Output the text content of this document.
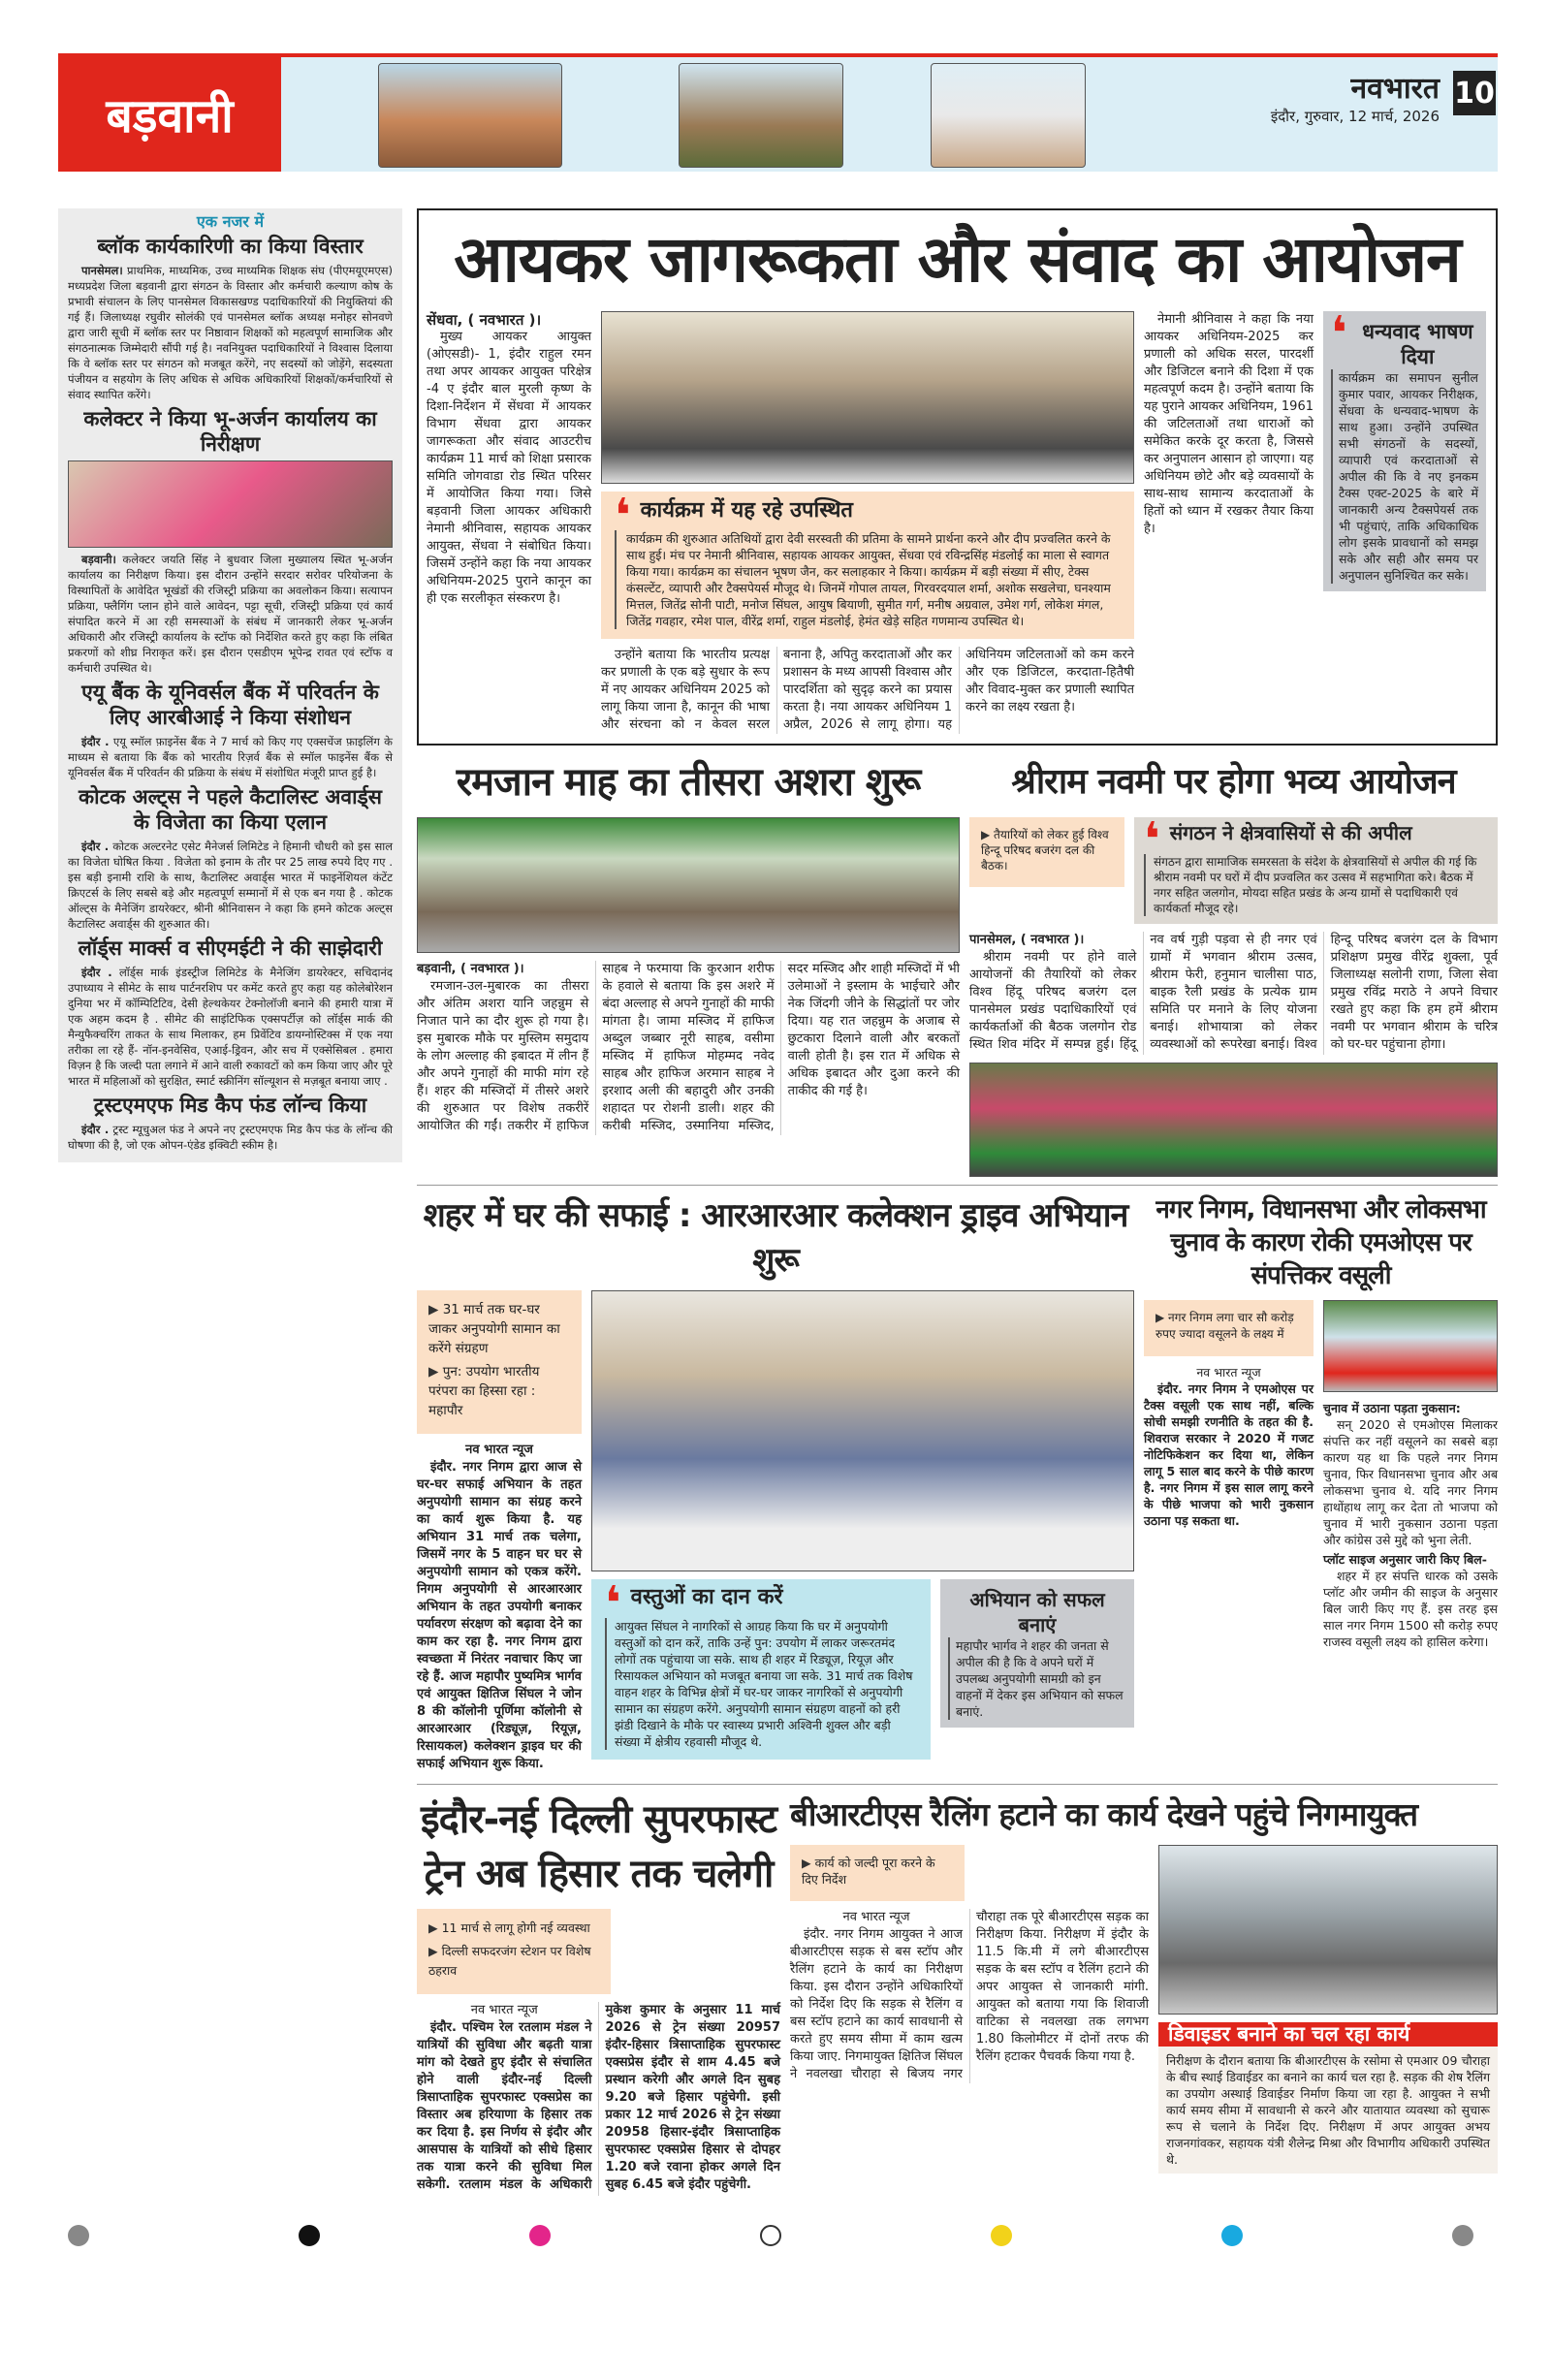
बड़वानी	नवभारत
इंदौर, गुरुवार, 12 मार्च, 2026
10
एक नजर में
ब्लॉक कार्यकारिणी का किया विस्तार

पानसेमल। प्राथमिक, माध्यमिक, उच्च माध्यमिक शिक्षक संघ (पीएमयूएमएस) मध्यप्रदेश जिला बड़वानी द्वारा संगठन के विस्तार और कर्मचारी कल्याण कोष के प्रभावी संचालन के लिए पानसेमल विकासखण्ड पदाधिकारियों की नियुक्तियां की गई हैं। जिलाध्यक्ष रघुवीर सोलंकी एवं पानसेमल ब्लॉक अध्यक्ष मनोहर सोनवणे द्वारा जारी सूची में ब्लॉक स्तर पर निष्ठावान शिक्षकों को महत्वपूर्ण सामाजिक और संगठनात्मक जिम्मेदारी सौंपी गई है। नवनियुक्त पदाधिकारियों ने विश्वास दिलाया कि वे ब्लॉक स्तर पर संगठन को मजबूत करेंगे, नए सदस्यों को जोड़ेंगे, सदस्यता पंजीयन व सहयोग के लिए अधिक से अधिक अधिकारियों शिक्षकों/कर्मचारियों से संवाद स्थापित करेंगे।

कलेक्टर ने किया भू-अर्जन कार्यालय का निरीक्षण

बड़वानी। कलेक्टर जयति सिंह ने बुधवार जिला मुख्यालय स्थित भू-अर्जन कार्यालय का निरीक्षण किया। इस दौरान उन्होंने सरदार सरोवर परियोजना के विस्थापितों के आवेदित भूखंडों की रजिस्ट्री प्रक्रिया का अवलोकन किया। सत्यापन प्रक्रिया, फ्लैगिंग प्लान होने वाले आवेदन, पट्टा सूची, रजिस्ट्री प्रक्रिया एवं कार्य संपादित करने में आ रही समस्याओं के संबंध में जानकारी लेकर भू-अर्जन अधिकारी और रजिस्ट्री कार्यालय के स्टॉफ को निर्देशित करते हुए कहा कि लंबित प्रकरणों को शीघ्र निराकृत करें। इस दौरान एसडीएम भूपेन्द्र रावत एवं स्टॉफ व कर्मचारी उपस्थित थे।

एयू बैंक के यूनिवर्सल बैंक में परिवर्तन के लिए आरबीआई ने किया संशोधन

इंदौर . एयू स्मॉल फ़ाइनेंस बैंक ने 7 मार्च को किए गए एक्सचेंज फ़ाइलिंग के माध्यम से बताया कि बैंक को भारतीय रिज़र्व बैंक से स्मॉल फाइनेंस बैंक से यूनिवर्सल बैंक में परिवर्तन की प्रक्रिया के संबंध में संशोधित मंजूरी प्राप्त हुई है।

कोटक अल्ट्स ने पहले कैटालिस्ट अवार्ड्स के विजेता का किया एलान

इंदौर . कोटक अल्टरनेट एसेट मैनेजर्स लिमिटेड ने हिमानी चौधरी को इस साल का विजेता घोषित किया . विजेता को इनाम के तौर पर 25 लाख रुपये दिए गए . इस बड़ी इनामी राशि के साथ, कैटालिस्ट अवार्ड्स भारत में फाइनेंशियल कंटेंट क्रिएटर्स के लिए सबसे बड़े और महत्वपूर्ण सम्मानों में से एक बन गया है . कोटक ऑल्ट्स के मैनेजिंग डायरेक्टर, श्रीनी श्रीनिवासन ने कहा कि हमने कोटक अल्ट्स कैटालिस्ट अवार्ड्स की शुरुआत की।

लॉर्ड्स मार्क्स व सीएमईटी ने की साझेदारी

इंदौर . लॉर्ड्स मार्क इंडस्ट्रीज लिमिटेड के मैनेजिंग डायरेक्टर, सचिदानंद उपाध्याय ने सीमेट के साथ पार्टनरशिप पर कमेंट करते हुए कहा यह कोलेबोरेशन दुनिया भर में कॉम्पिटिटिव, देसी हेल्थकेयर टेक्नोलॉजी बनाने की हमारी यात्रा में एक अहम कदम है . सीमेट की साइंटिफिक एक्सपर्टीज़ को लॉर्ड्स मार्क की मैन्युफैक्चरिंग ताकत के साथ मिलाकर, हम प्रिवेंटिव डायग्नोस्टिक्स में एक नया तरीका ला रहे हैं- नॉन-इनवेसिव, एआई-ड्रिवन, और सच में एक्सेसिबल . हमारा विज़न है कि जल्दी पता लगाने में आने वाली रुकावटों को कम किया जाए और पूरे भारत में महिलाओं को सुरक्षित, स्मार्ट स्क्रीनिंग सॉल्यूशन से मज़बूत बनाया जाए .

ट्रस्टएमएफ मिड कैप फंड लॉन्च किया

इंदौर . ट्रस्ट म्यूचुअल फंड ने अपने नए ट्रस्टएमएफ मिड कैप फंड के लॉन्च की घोषणा की है, जो एक ओपन-एंडेड इक्विटी स्कीम है।

आयकर जागरूकता और संवाद का आयोजन
सेंधवा, ( नवभारत )।

मुख्य आयकर आयुक्त (ओएसडी)- 1, इंदौर राहुल रमन तथा अपर आयकर आयुक्त परिक्षेत्र -4 ए इंदौर बाल मुरली कृष्ण के दिशा-निर्देशन में सेंधवा में आयकर विभाग सेंधवा द्वारा आयकर जागरूकता और संवाद आउटरीच कार्यक्रम 11 मार्च को शिक्षा प्रसारक समिति जोगवाडा रोड स्थित परिसर में आयोजित किया गया। जिसे बड़वानी जिला आयकर अधिकारी नेमानी श्रीनिवास, सहायक आयकर आयुक्त, सेंधवा ने संबोधित किया। जिसमें उन्होंने कहा कि नया आयकर अधिनियम-2025 पुराने कानून का ही एक सरलीकृत संस्करण है।

❛ कार्यक्रम में यह रहे उपस्थित
कार्यक्रम की शुरुआत अतिथियों द्वारा देवी सरस्वती की प्रतिमा के सामने प्रार्थना करने और दीप प्रज्वलित करने के साथ हुई। मंच पर नेमानी श्रीनिवास, सहायक आयकर आयुक्त, सेंधवा एवं रविन्द्रसिंह मंडलोई का माला से स्वागत किया गया। कार्यक्रम का संचालन भूषण जैन, कर सलाहकार ने किया। कार्यक्रम में बड़ी संख्या में सीए, टेक्स कंसल्टेंट, व्यापारी और टैक्सपेयर्स मौजूद थे। जिनमें गोपाल तायल, गिरवरदयाल शर्मा, अशोक सखलेचा, घनश्याम मित्तल, जितेंद्र सोनी पाटी, मनोज सिंघल, आयुष बियाणी, सुमीत गर्ग, मनीष अग्रवाल, उमेश गर्ग, लोकेश मंगल, जितेंद्र गवहार, रमेश पाल, वीरेंद्र शर्मा, राहुल मंडलोई, हेमंत खेड़े सहित गणमान्य उपस्थित थे।

उन्होंने बताया कि भारतीय प्रत्यक्ष कर प्रणाली के एक बड़े सुधार के रूप में नए आयकर अधिनियम 2025 को लागू किया जाना है, कानून की भाषा और संरचना को न केवल सरल बनाना है, अपितु करदाताओं और कर प्रशासन के मध्य आपसी विश्वास और पारदर्शिता को सुदृढ़ करने का प्रयास करता है। नया आयकर अधिनियम 1 अप्रैल, 2026 से लागू होगा। यह अधिनियम जटिलताओं को कम करने और एक डिजिटल, करदाता-हितैषी और विवाद-मुक्त कर प्रणाली स्थापित करने का लक्ष्य रखता है।

नेमानी श्रीनिवास ने कहा कि नया आयकर अधिनियम-2025 कर प्रणाली को अधिक सरल, पारदर्शी और डिजिटल बनाने की दिशा में एक महत्वपूर्ण कदम है। उन्होंने बताया कि यह पुराने आयकर अधिनियम, 1961 की जटिलताओं तथा धाराओं को समेकित करके दूर करता है, जिससे कर अनुपालन आसान हो जाएगा। यह अधिनियम छोटे और बड़े व्यवसायों के साथ-साथ सामान्य करदाताओं के हितों को ध्यान में रखकर तैयार किया है।

❛ धन्यवाद भाषण दिया
कार्यक्रम का समापन सुनील कुमार पवार, आयकर निरीक्षक, सेंधवा के धन्यवाद-भाषण के साथ हुआ। उन्होंने उपस्थित सभी संगठनों के सदस्यों, व्यापारी एवं करदाताओं से अपील की कि वे नए इनकम टैक्स एक्ट-2025 के बारे में जानकारी अन्य टैक्सपेयर्स तक भी पहुंचाएं, ताकि अधिकाधिक लोग इसके प्रावधानों को समझ सके और सही और समय पर अनुपालन सुनिश्चित कर सके।
रमजान माह का तीसरा अशरा शुरू
बड़वानी, ( नवभारत )।

रमजान-उल-मुबारक का तीसरा और अंतिम अशरा यानि जहन्नुम से निजात पाने का दौर शुरू हो गया है। इस मुबारक मौके पर मुस्लिम समुदाय के लोग अल्लाह की इबादत में लीन हैं और अपने गुनाहों की माफी मांग रहे हैं। शहर की मस्जिदों में तीसरे अशरे की शुरुआत पर विशेष तकरीरें आयोजित की गईं। तकरीर में हाफिज साहब ने फरमाया कि कुरआन शरीफ के हवाले से बताया कि इस अशरे में बंदा अल्लाह से अपने गुनाहों की माफी मांगता है। जामा मस्जिद में हाफिज अब्दुल जब्बार नूरी साहब, वसीमा मस्जिद में हाफिज मोहम्मद नवेद साहब और हाफिज अरमान साहब ने इरशाद अली की बहादुरी और उनकी शहादत पर रोशनी डाली। शहर की करीबी मस्जिद, उस्मानिया मस्जिद, सदर मस्जिद और शाही मस्जिदों में भी उलेमाओं ने इस्लाम के भाईचारे और नेक जिंदगी जीने के सिद्धांतों पर जोर दिया। यह रात जहन्नुम के अजाब से छुटकारा दिलाने वाली और बरकतों वाली होती है। इस रात में अधिक से अधिक इबादत और दुआ करने की ताकीद की गई है।

श्रीराम नवमी पर होगा भव्य आयोजन
▶ तैयारियों को लेकर हुई विश्व हिन्दू परिषद बजरंग दल की बैठक।	❛ संगठन ने क्षेत्रवासियों से की अपील
संगठन द्वारा सामाजिक समरसता के संदेश के क्षेत्रवासियों से अपील की गई कि श्रीराम नवमी पर घरों में दीप प्रज्वलित कर उत्सव में सहभागिता करे। बैठक में नगर सहित जलगोन, मोयदा सहित प्रखंड के अन्य ग्रामों से पदाधिकारी एवं कार्यकर्ता मौजूद रहे।
पानसेमल, ( नवभारत )।

श्रीराम नवमी पर होने वाले आयोजनों की तैयारियों को लेकर विश्व हिंदू परिषद बजरंग दल पानसेमल प्रखंड पदाधिकारियों एवं कार्यकर्ताओं की बैठक जलगोन रोड स्थित शिव मंदिर में सम्पन्न हुई। हिंदू नव वर्ष गुड़ी पड़वा से ही नगर एवं ग्रामों में भगवान श्रीराम उत्सव, श्रीराम फेरी, हनुमान चालीसा पाठ, बाइक रैली प्रखंड के प्रत्येक ग्राम समिति पर मनाने के लिए योजना बनाई। शोभायात्रा को लेकर व्यवस्थाओं को रूपरेखा बनाई। विश्व हिन्दू परिषद बजरंग दल के विभाग प्रशिक्षण प्रमुख वीरेंद्र शुक्ला, पूर्व जिलाध्यक्ष सलोनी राणा, जिला सेवा प्रमुख रविंद्र मराठे ने अपने विचार रखते हुए कहा कि हम हमें श्रीराम नवमी पर भगवान श्रीराम के चरित्र को घर-घर पहुंचाना होगा।

शहर में घर की सफाई : आरआरआर कलेक्शन ड्राइव अभियान शुरू
▶ 31 मार्च तक घर-घर जाकर अनुपयोगी सामान का करेंगे संग्रहण
▶ पुन: उपयोग भारतीय परंपरा का हिस्सा रहा : महापौर
नव भारत न्यूज

इंदौर. नगर निगम द्वारा आज से घर-घर सफाई अभियान के तहत अनुपयोगी सामान का संग्रह करने का कार्य शुरू किया है. यह अभियान 31 मार्च तक चलेगा, जिसमें नगर के 5 वाहन घर घर से अनुपयोगी सामान को एकत्र करेंगे. निगम अनुपयोगी से आरआरआर अभियान के तहत उपयोगी बनाकर पर्यावरण संरक्षण को बढ़ावा देने का काम कर रहा है. नगर निगम द्वारा स्वच्छता में निरंतर नवाचार किए जा रहे हैं. आज महापौर पुष्यमित्र भार्गव एवं आयुक्त क्षितिज सिंघल ने जोन 8 की कॉलोनी पूर्णिमा कॉलोनी से आरआरआर (रिड्यूज़, रियूज़, रिसायकल) कलेक्शन ड्राइव घर की सफाई अभियान शुरू किया.

❛ वस्तुओं का दान करें
आयुक्त सिंघल ने नागरिकों से आग्रह किया कि घर में अनुपयोगी वस्तुओं को दान करें, ताकि उन्हें पुन: उपयोग में लाकर जरूरतमंद लोगों तक पहुंचाया जा सके. साथ ही शहर में रिड्यूज़, रियूज़ और रिसायकल अभियान को मजबूत बनाया जा सके. 31 मार्च तक विशेष वाहन शहर के विभिन्न क्षेत्रों में घर-घर जाकर नागरिकों से अनुपयोगी सामान का संग्रहण करेंगे. अनुपयोगी सामान संग्रहण वाहनों को हरी झंडी दिखाने के मौके पर स्वास्थ्य प्रभारी अश्विनी शुक्ल और बड़ी संख्या में क्षेत्रीय रहवासी मौजूद थे.
अभियान को सफल बनाएं
महापौर भार्गव ने शहर की जनता से अपील की है कि वे अपने घरों में उपलब्ध अनुपयोगी सामग्री को इन वाहनों में देकर इस अभियान को सफल बनाएं.
नगर निगम, विधानसभा और लोकसभा चुनाव के कारण रोकी एमओएस पर संपत्तिकर वसूली
▶ नगर निगम लगा चार सौ करोड़ रुपए ज्यादा वसूलने के लक्ष्य में
नव भारत न्यूज

इंदौर. नगर निगम ने एमओएस पर टैक्स वसूली एक साथ नहीं, बल्कि सोची समझी रणनीति के तहत की है. शिवराज सरकार ने 2020 में गजट नोटिफिकेशन कर दिया था, लेकिन लागू 5 साल बाद करने के पीछे कारण है. नगर निगम में इस साल लागू करने के पीछे भाजपा को भारी नुकसान उठाना पड़ सकता था.

चुनाव में उठाना पड़ता नुकसान:

सन् 2020 से एमओएस मिलाकर संपत्ति कर नहीं वसूलने का सबसे बड़ा कारण यह था कि पहले नगर निगम चुनाव, फिर विधानसभा चुनाव और अब लोकसभा चुनाव थे. यदि नगर निगम हाथोंहाथ लागू कर देता तो भाजपा को चुनाव में भारी नुकसान उठाना पड़ता और कांग्रेस उसे मुद्दे को भुना लेती.

प्लॉट साइज अनुसार जारी किए बिल-

शहर में हर संपत्ति धारक को उसके प्लॉट और जमीन की साइज के अनुसार बिल जारी किए गए हैं. इस तरह इस साल नगर निगम 1500 सौ करोड़ रुपए राजस्व वसूली लक्ष्य को हासिल करेगा।

इंदौर-नई दिल्ली सुपरफास्ट ट्रेन अब हिसार तक चलेगी
▶ 11 मार्च से लागू होगी नई व्यवस्था
▶ दिल्ली सफदरजंग स्टेशन पर विशेष ठहराव
नव भारत न्यूज

इंदौर. पश्चिम रेल रतलाम मंडल ने यात्रियों की सुविधा और बढ़ती यात्रा मांग को देखते हुए इंदौर से संचालित होने वाली इंदौर-नई दिल्ली त्रिसाप्ताहिक सुपरफास्ट एक्सप्रेस का विस्तार अब हरियाणा के हिसार तक कर दिया है. इस निर्णय से इंदौर और आसपास के यात्रियों को सीधे हिसार तक यात्रा करने की सुविधा मिल सकेगी. रतलाम मंडल के अधिकारी मुकेश कुमार के अनुसार 11 मार्च 2026 से ट्रेन संख्या 20957 इंदौर-हिसार त्रिसाप्ताहिक सुपरफास्ट एक्सप्रेस इंदौर से शाम 4.45 बजे प्रस्थान करेगी और अगले दिन सुबह 9.20 बजे हिसार पहुंचेगी. इसी प्रकार 12 मार्च 2026 से ट्रेन संख्या 20958 हिसार-इंदौर त्रिसाप्ताहिक सुपरफास्ट एक्सप्रेस हिसार से दोपहर 1.20 बजे रवाना होकर अगले दिन सुबह 6.45 बजे इंदौर पहुंचेगी.

बीआरटीएस रैलिंग हटाने का कार्य देखने पहुंचे निगमायुक्त
▶ कार्य को जल्दी पूरा करने के दिए निर्देश
नव भारत न्यूज

इंदौर. नगर निगम आयुक्त ने आज बीआरटीएस सड़क से बस स्टॉप और रैलिंग हटाने के कार्य का निरीक्षण किया. इस दौरान उन्होंने अधिकारियों को निर्देश दिए कि सड़क से रैलिंग व बस स्टॉप हटाने का कार्य सावधानी से करते हुए समय सीमा में काम खत्म किया जाए. निगमायुक्त क्षितिज सिंघल ने नवलखा चौराहा से बिजय नगर चौराहा तक पूरे बीआरटीएस सड़क का निरीक्षण किया. निरीक्षण में इंदौर के 11.5 कि.मी में लगे बीआरटीएस सड़क के बस स्टॉप व रैलिंग हटाने की अपर आयुक्त से जानकारी मांगी. आयुक्त को बताया गया कि शिवाजी वाटिका से नवलखा तक लगभग 1.80 किलोमीटर में दोनों तरफ की रैलिंग हटाकर पैचवर्क किया गया है.

डिवाइडर बनाने का चल रहा कार्य
निरीक्षण के दौरान बताया कि बीआरटीएस के रसोमा से एमआर 09 चौराहा के बीच स्थाई डिवाईडर का बनाने का कार्य चल रहा है. सड़क की शेष रैलिंग का उपयोग अस्थाई डिवाईडर निर्माण किया जा रहा है. आयुक्त ने सभी कार्य समय सीमा में सावधानी से करने और यातायात व्यवस्था को सुचारू रूप से चलाने के निर्देश दिए. निरीक्षण में अपर आयुक्त अभय राजनगांवकर, सहायक यंत्री शैलेन्द्र मिश्रा और विभागीय अधिकारी उपस्थित थे.
